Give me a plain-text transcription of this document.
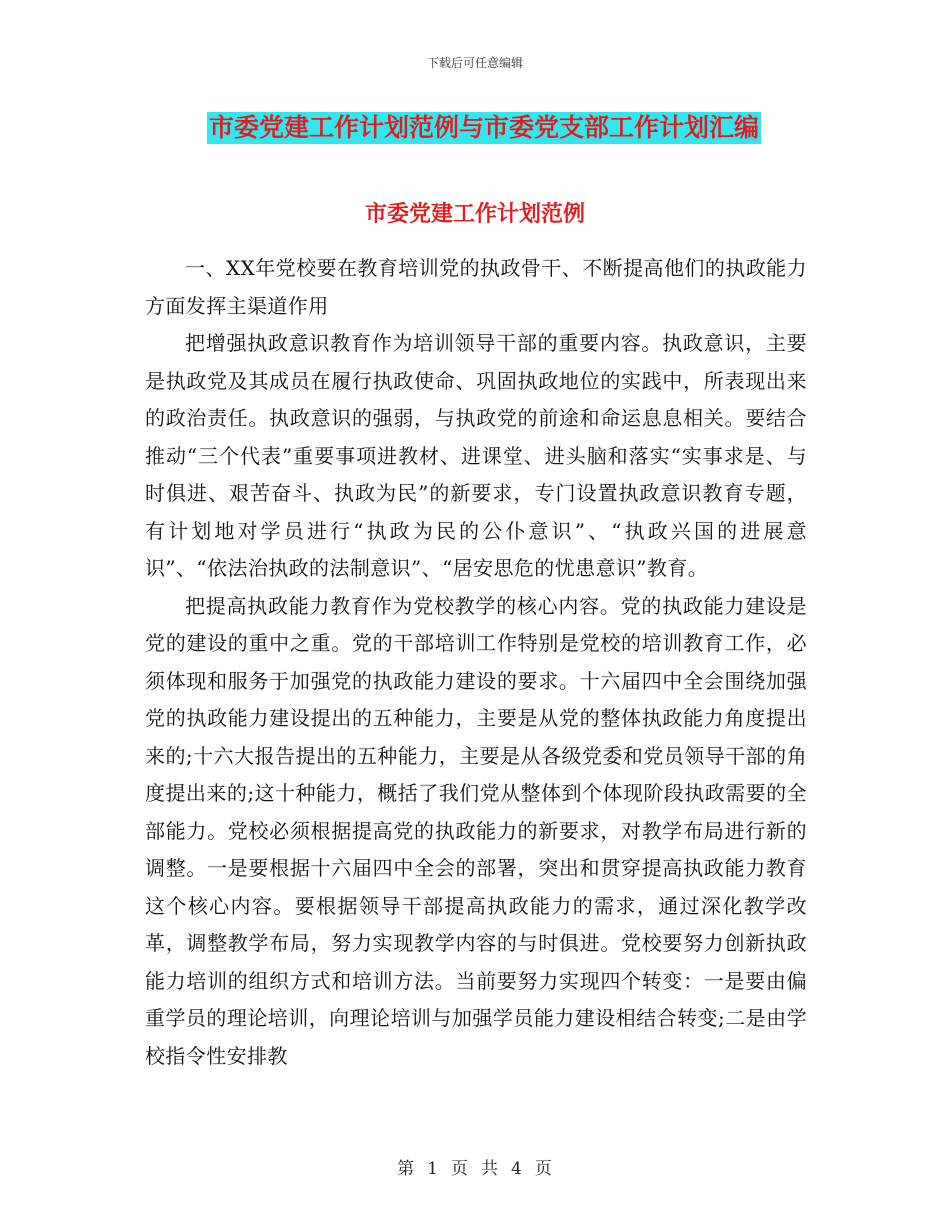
下载后可任意编辑
市委党建工作计划范例与市委党支部工作计划汇编
市委党建工作计划范例

一、XX年党校要在教育培训党的执政骨干、不断提高他们的执政能力方面发挥主渠道作用

把增强执政意识教育作为培训领导干部的重要内容。执政意识，主要是执政党及其成员在履行执政使命、巩固执政地位的实践中，所表现出来的政治责任。执政意识的强弱，与执政党的前途和命运息息相关。要结合推动“三个代表”重要事项进教材、进课堂、进头脑和落实“实事求是、与时俱进、艰苦奋斗、执政为民”的新要求，专门设置执政意识教育专题，有计划地对学员进行“执政为民的公仆意识”、“执政兴国的进展意识”、“依法治执政的法制意识”、“居安思危的忧患意识”教育。

把提高执政能力教育作为党校教学的核心内容。党的执政能力建设是党的建设的重中之重。党的干部培训工作特别是党校的培训教育工作，必须体现和服务于加强党的执政能力建设的要求。十六届四中全会围绕加强党的执政能力建设提出的五种能力，主要是从党的整体执政能力角度提出来的;十六大报告提出的五种能力，主要是从各级党委和党员领导干部的角度提出来的;这十种能力，概括了我们党从整体到个体现阶段执政需要的全部能力。党校必须根据提高党的执政能力的新要求，对教学布局进行新的调整。一是要根据十六届四中全会的部署，突出和贯穿提高执政能力教育这个核心内容。要根据领导干部提高执政能力的需求，通过深化教学改革，调整教学布局，努力实现教学内容的与时俱进。党校要努力创新执政能力培训的组织方式和培训方法。当前要努力实现四个转变：一是要由偏重学员的理论培训，向理论培训与加强学员能力建设相结合转变;二是由学校指令性安排教

第 1 页 共 4 页
